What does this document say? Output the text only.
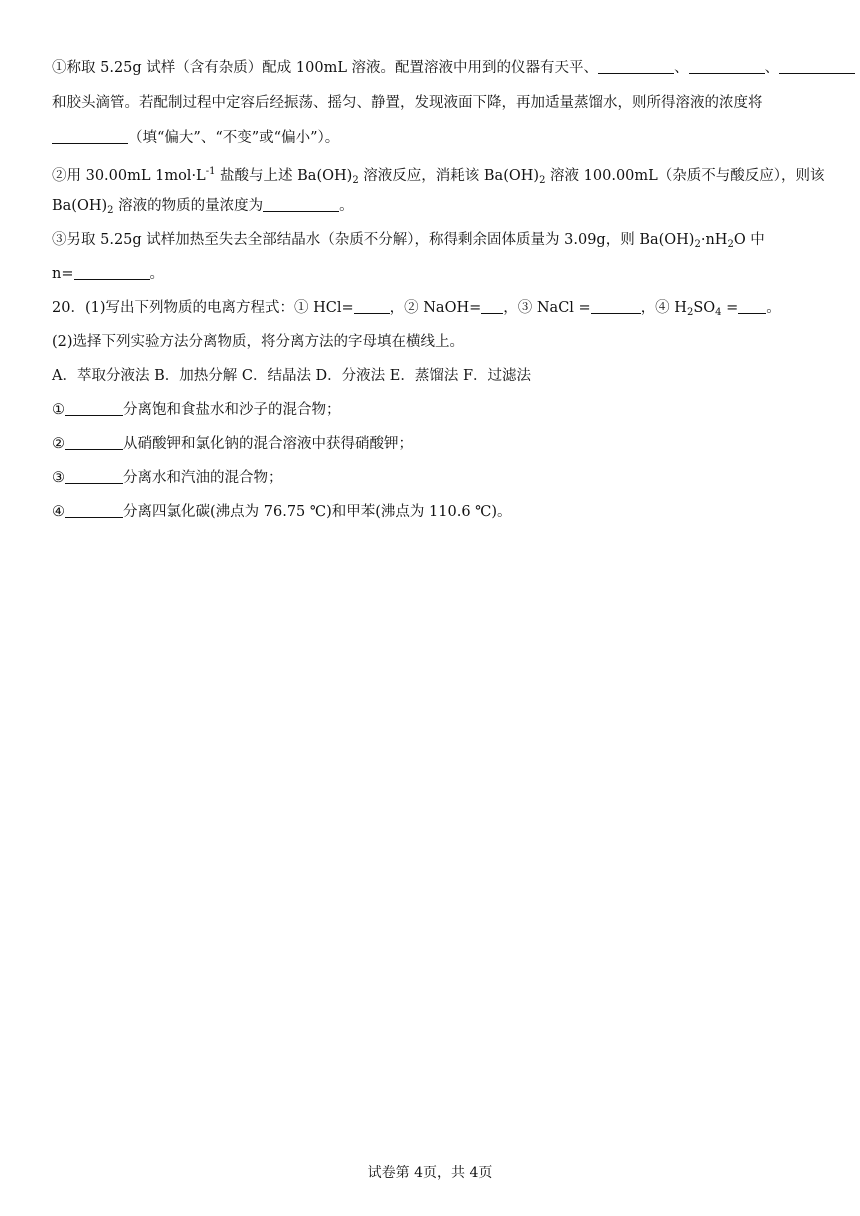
①称取 5.25g 试样（含有杂质）配成 100mL 溶液。配置溶液中用到的仪器有天平、	、	、
和胶头滴管。若配制过程中定容后经振荡、摇匀、静置，发现液面下降，再加适量蒸馏水，则所得溶液的浓度将
（填“偏大”、“不变”或“偏小”）。
②用 30.00mL $1mol\cdot L^{-1}$ 盐酸与上述 $Ba(OH)_2$ 溶液反应，消耗该 $Ba(OH)_2$ 溶液 100.00mL（杂质不与酸反应），则该
$Ba(OH)_2$ 溶液的物质的量浓度为	。
③另取 5.25g 试样加热至失去全部结晶水（杂质不分解），称得剩余固体质量为 3.09g，则 $Ba(OH)_2\cdot nH_2O$ 中
n=	。
20．(1)写出下列物质的电离方程式：① HCl= ，② NaOH= ，③ NaCl =	，④ $H_2SO_4$ = 。
(2)选择下列实验方法分离物质，将分离方法的字母填在横线上。
A．萃取分液法 B．加热分解 C．结晶法 D．分液法 E．蒸馏法 F．过滤法
①	分离饱和食盐水和沙子的混合物；
②	从硝酸钾和氯化钠的混合溶液中获得硝酸钾；
③	分离水和汽油的混合物；
④	分离四氯化碳(沸点为 76.75 ℃)和甲苯(沸点为 110.6 ℃)。
试卷第 4页，共 4页
